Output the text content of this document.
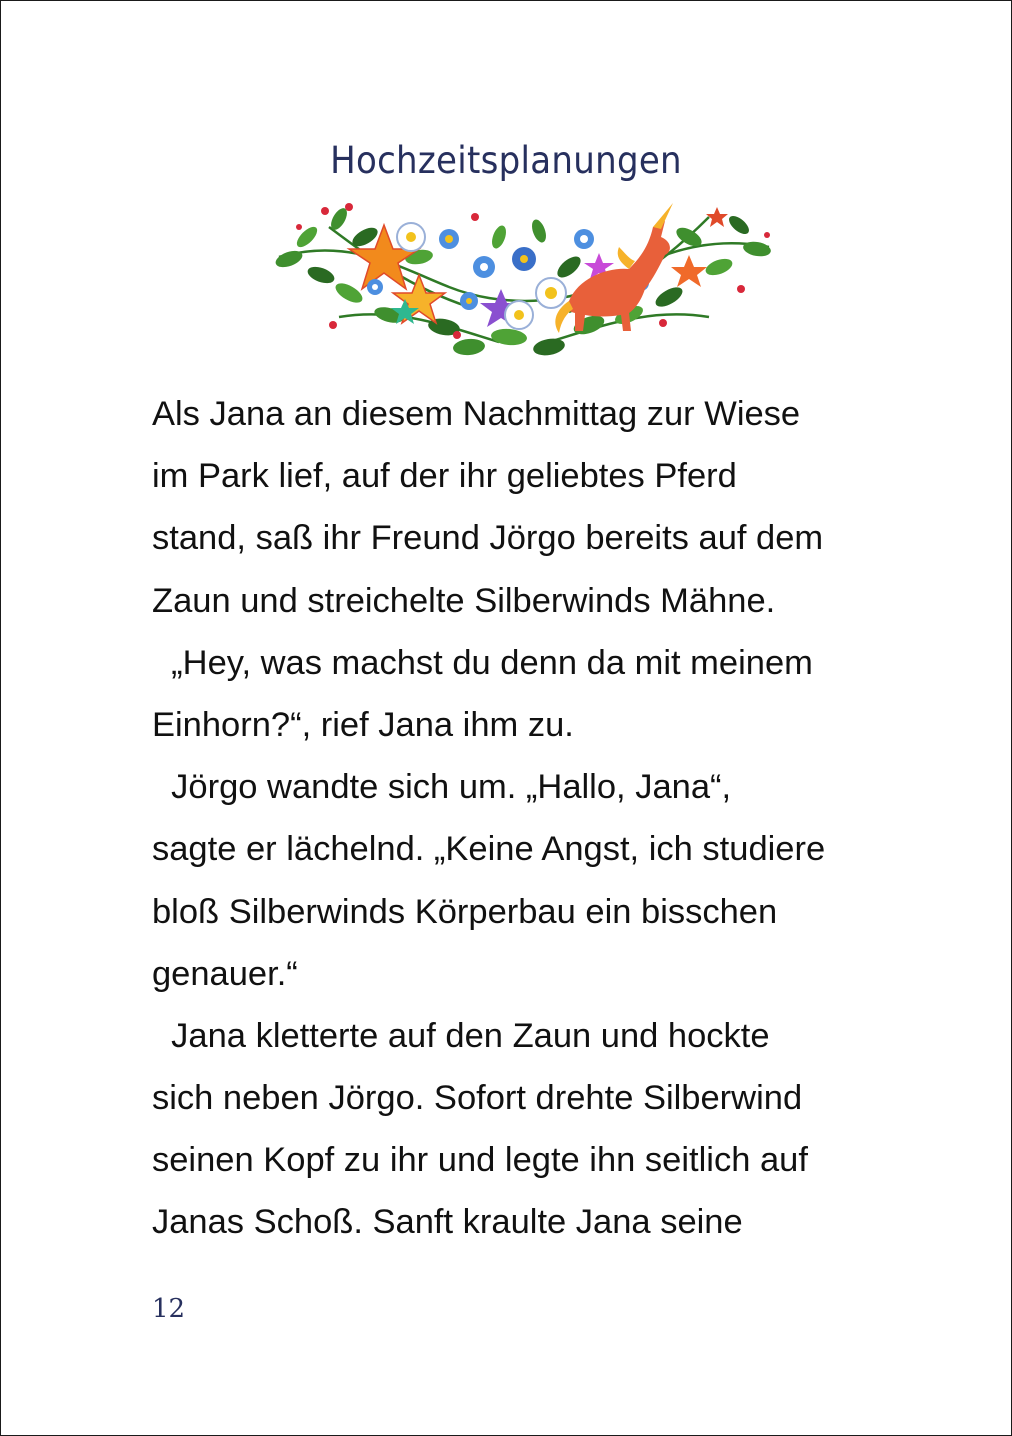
Hochzeitsplanungen
Als Jana an diesem Nachmittag zur Wiese
im Park lief, auf der ihr geliebtes Pferd
stand, saß ihr Freund Jörgo bereits auf dem
Zaun und streichelte Silberwinds Mähne.
„Hey, was machst du denn da mit meinem
Einhorn?“, rief Jana ihm zu.
Jörgo wandte sich um. „Hallo, Jana“,
sagte er lächelnd. „Keine Angst, ich studiere
bloß Silberwinds Körperbau ein bisschen
genauer.“
Jana kletterte auf den Zaun und hockte
sich neben Jörgo. Sofort drehte Silberwind
seinen Kopf zu ihr und legte ihn seitlich auf
Janas Schoß. Sanft kraulte Jana seine
12
